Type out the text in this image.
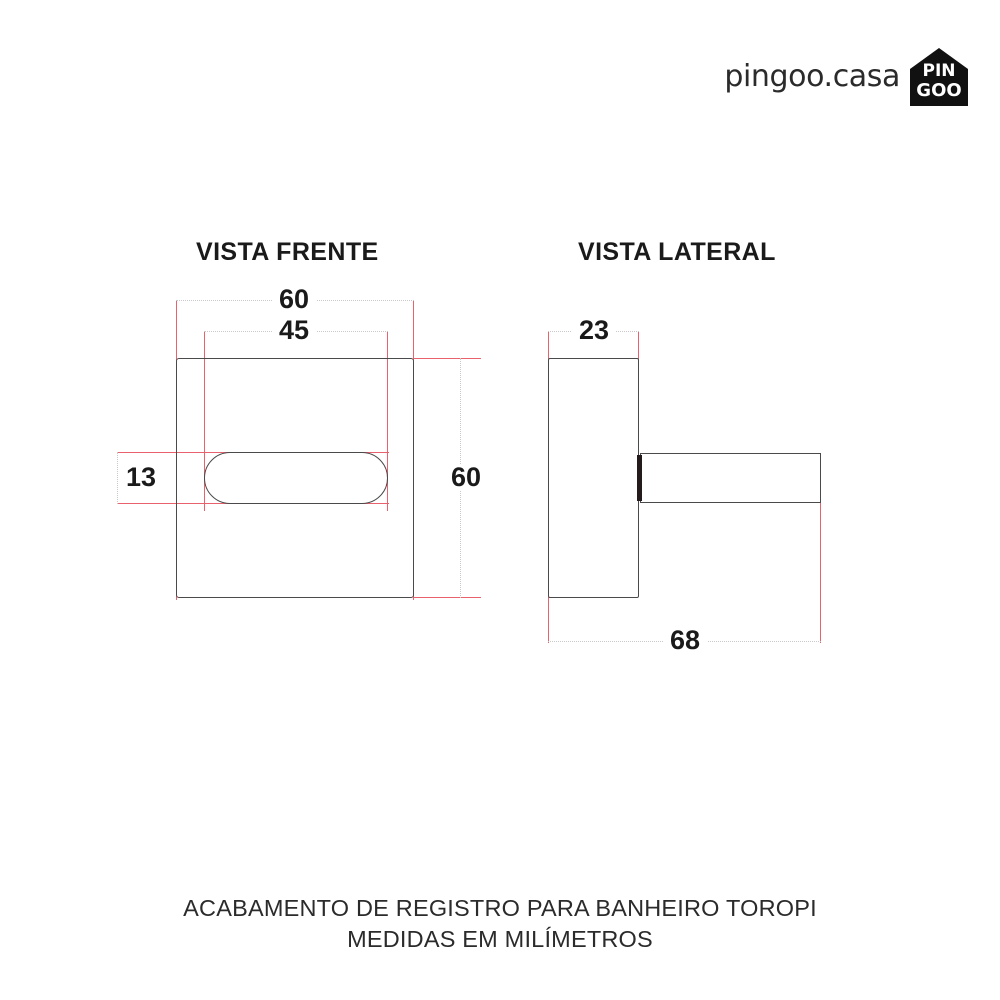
pingoo.casa PIN
GOO
VISTA FRENTE	VISTA LATERAL
60
45
13	60
23
68
ACABAMENTO DE REGISTRO PARA BANHEIRO TOROPI
MEDIDAS EM MILÍMETROS
